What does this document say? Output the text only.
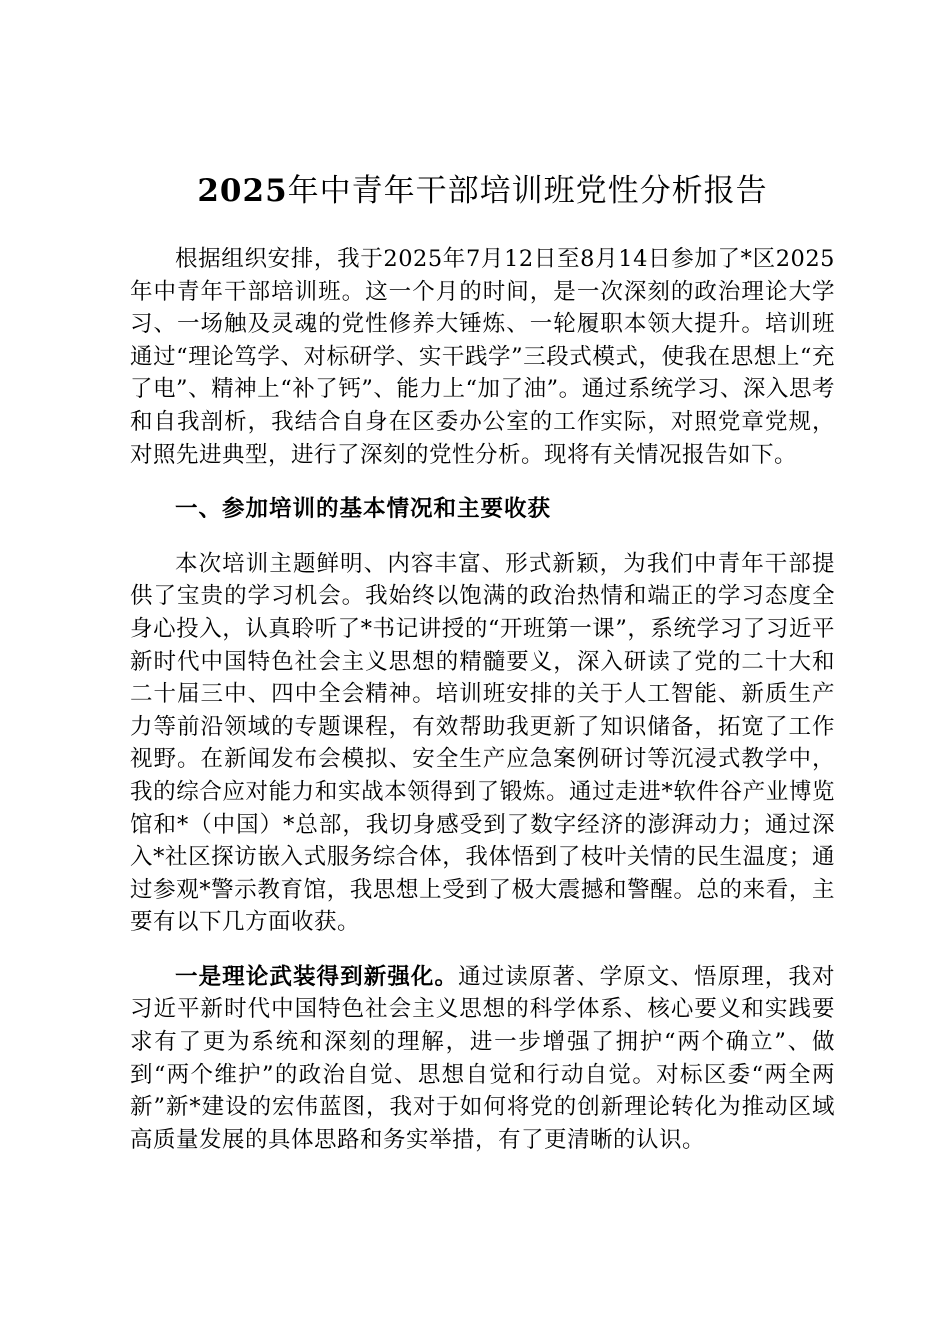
2025年中青年干部培训班党性分析报告

根据组织安排，我于2025年7月12日至8月14日参加了*区2025年中青年干部培训班。这一个月的时间，是一次深刻的政治理论大学习、一场触及灵魂的党性修养大锤炼、一轮履职本领大提升。培训班通过“理论笃学、对标研学、实干践学”三段式模式，使我在思想上“充了电”、精神上“补了钙”、能力上“加了油”。通过系统学习、深入思考和自我剖析，我结合自身在区委办公室的工作实际，对照党章党规，对照先进典型，进行了深刻的党性分析。现将有关情况报告如下。

一、参加培训的基本情况和主要收获

本次培训主题鲜明、内容丰富、形式新颖，为我们中青年干部提供了宝贵的学习机会。我始终以饱满的政治热情和端正的学习态度全身心投入，认真聆听了*书记讲授的“开班第一课”，系统学习了习近平新时代中国特色社会主义思想的精髓要义，深入研读了党的二十大和二十届三中、四中全会精神。培训班安排的关于人工智能、新质生产力等前沿领域的专题课程，有效帮助我更新了知识储备，拓宽了工作视野。在新闻发布会模拟、安全生产应急案例研讨等沉浸式教学中，我的综合应对能力和实战本领得到了锻炼。通过走进*软件谷产业博览馆和*（中国）*总部，我切身感受到了数字经济的澎湃动力；通过深入*社区探访嵌入式服务综合体，我体悟到了枝叶关情的民生温度；通过参观*警示教育馆，我思想上受到了极大震撼和警醒。总的来看，主要有以下几方面收获。

一是理论武装得到新强化。通过读原著、学原文、悟原理，我对习近平新时代中国特色社会主义思想的科学体系、核心要义和实践要求有了更为系统和深刻的理解，进一步增强了拥护“两个确立”、做到“两个维护”的政治自觉、思想自觉和行动自觉。对标区委“两全两新”新*建设的宏伟蓝图，我对于如何将党的创新理论转化为推动区域高质量发展的具体思路和务实举措，有了更清晰的认识。
